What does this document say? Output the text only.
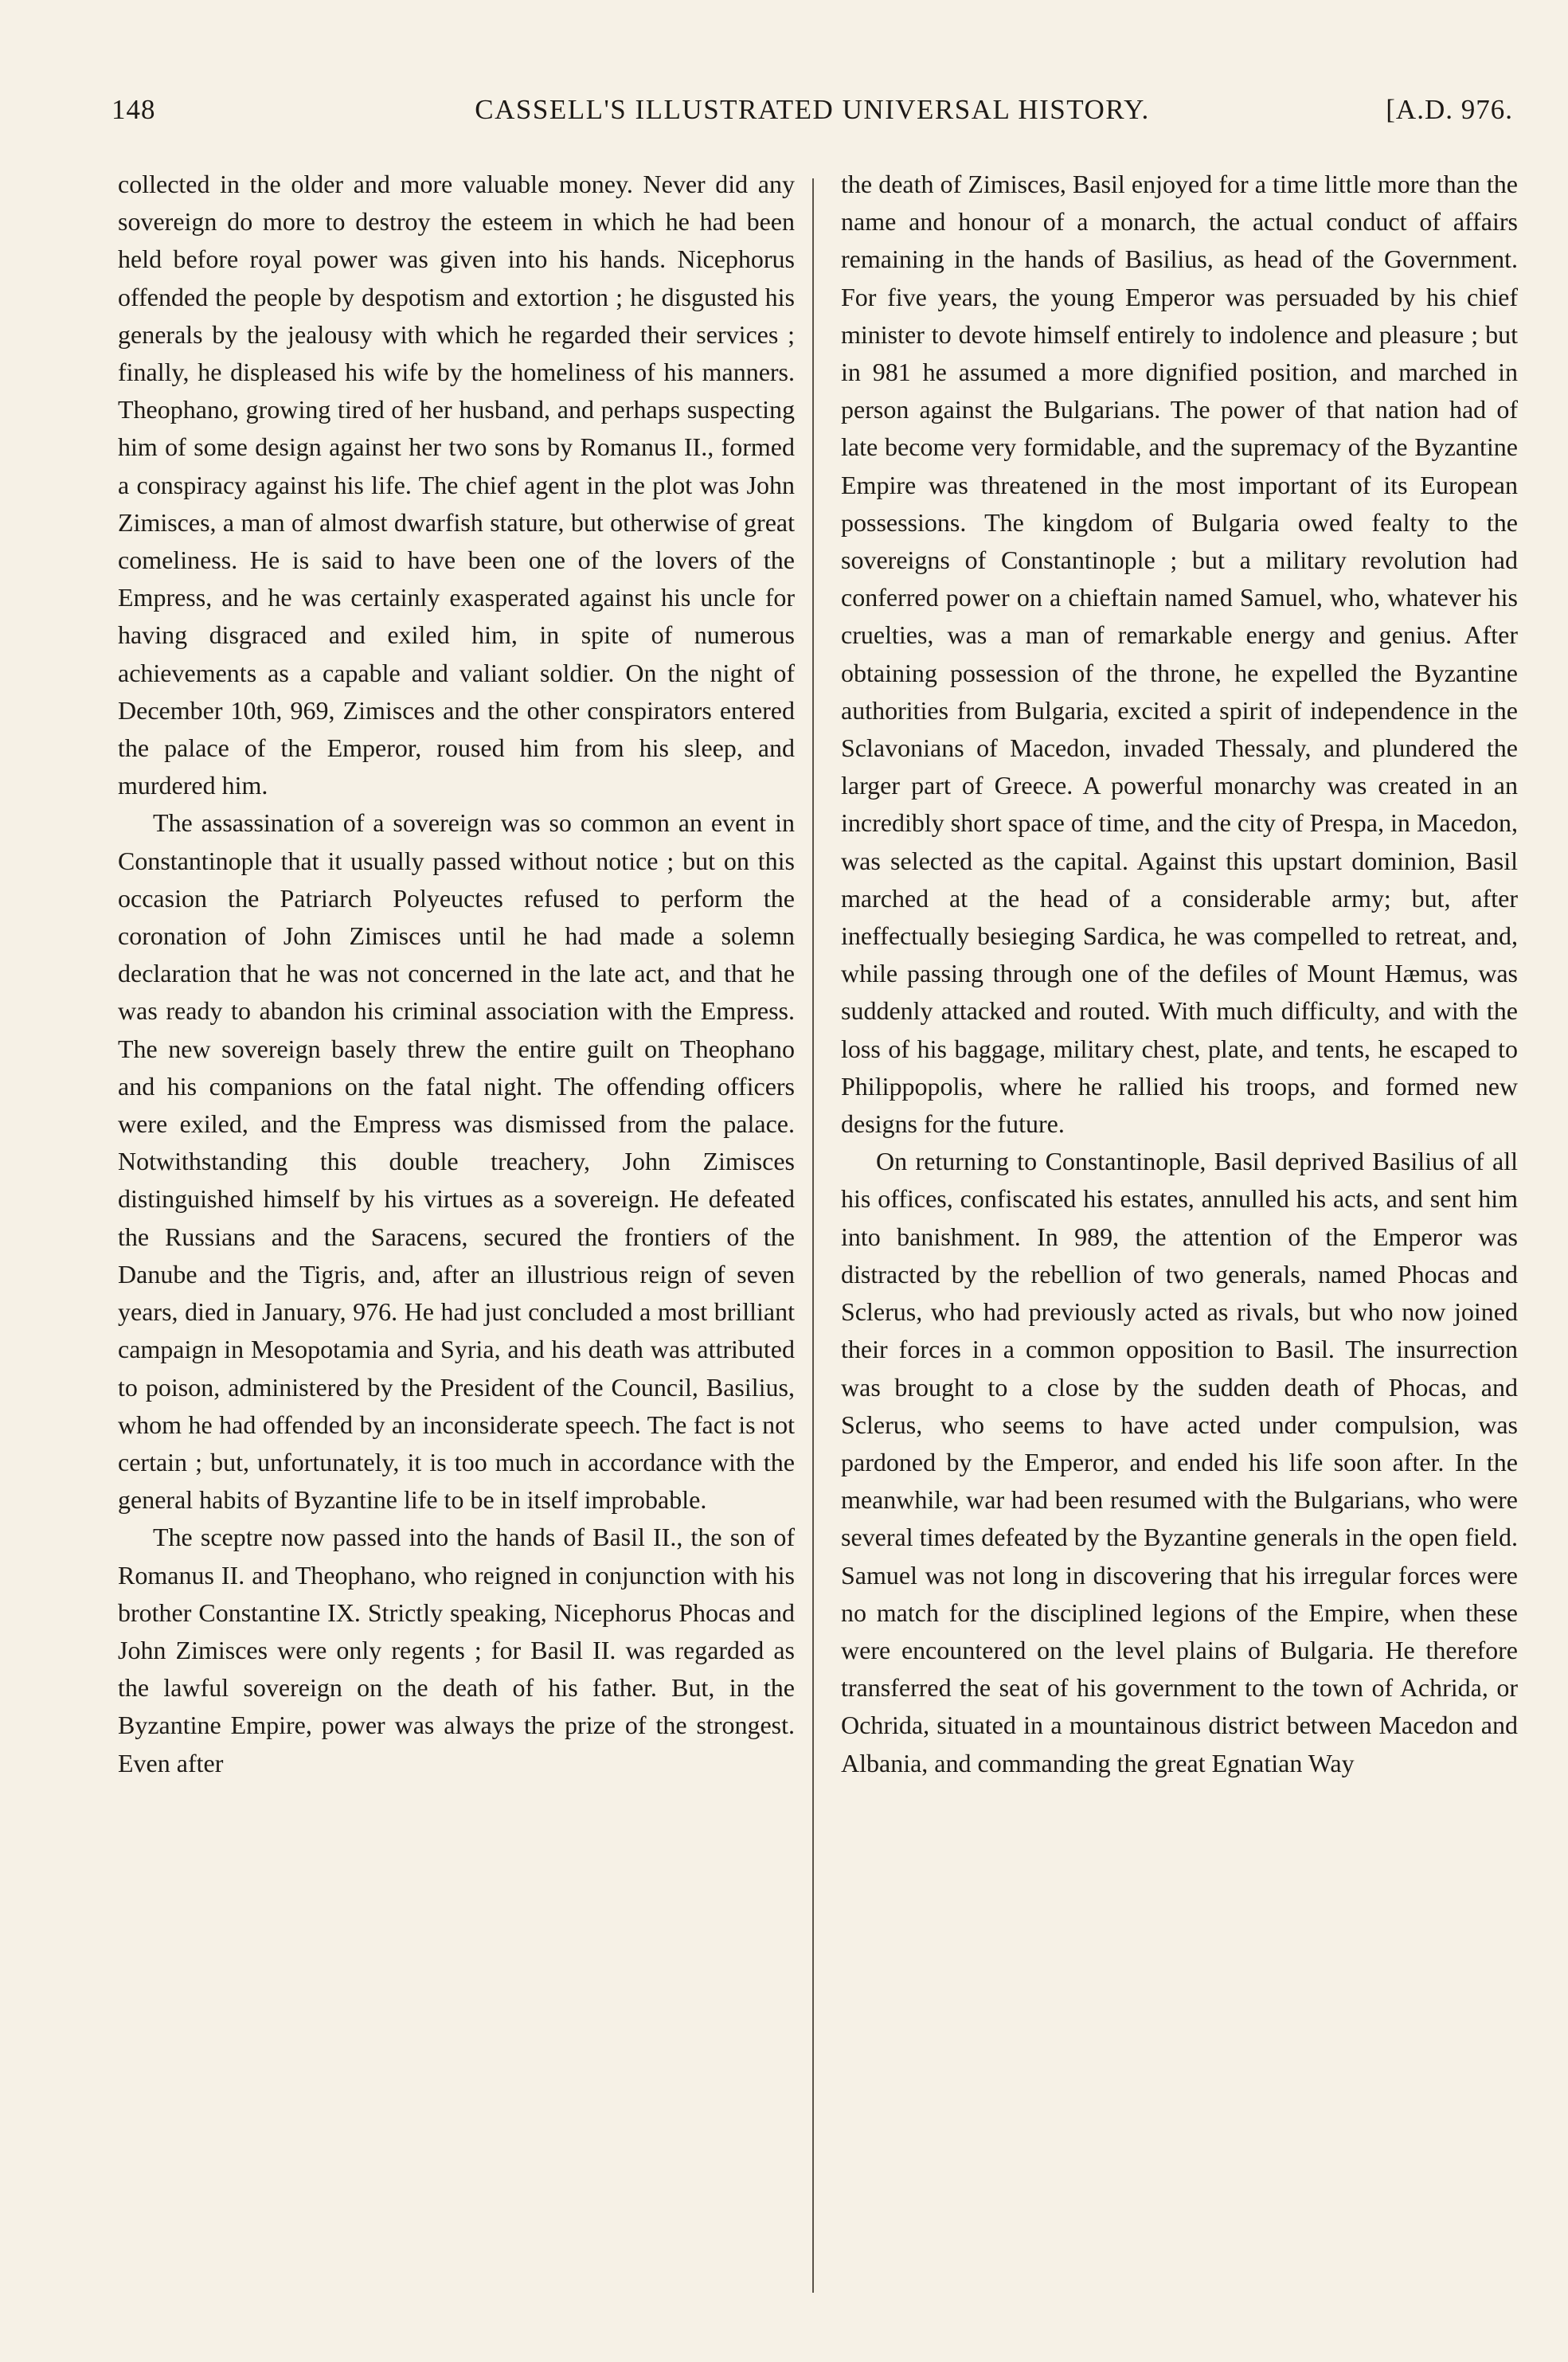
148	CASSELL'S ILLUSTRATED UNIVERSAL HISTORY.	[A.D. 976.

collected in the older and more valuable money. Never did any sovereign do more to destroy the esteem in which he had been held before royal power was given into his hands. Nicephorus offended the people by despotism and extortion ; he disgusted his generals by the jealousy with which he regarded their services ; finally, he displeased his wife by the homeliness of his manners. Theophano, growing tired of her husband, and perhaps suspecting him of some design against her two sons by Romanus II., formed a conspiracy against his life. The chief agent in the plot was John Zimisces, a man of almost dwarfish stature, but otherwise of great comeliness. He is said to have been one of the lovers of the Empress, and he was certainly exasperated against his uncle for having disgraced and exiled him, in spite of numerous achievements as a capable and valiant soldier. On the night of December 10th, 969, Zimisces and the other conspirators entered the palace of the Emperor, roused him from his sleep, and murdered him.

The assassination of a sovereign was so common an event in Constantinople that it usually passed without notice ; but on this occasion the Patriarch Polyeuctes refused to perform the coronation of John Zimisces until he had made a solemn declaration that he was not concerned in the late act, and that he was ready to abandon his criminal association with the Empress. The new sovereign basely threw the entire guilt on Theophano and his companions on the fatal night. The offending officers were exiled, and the Empress was dismissed from the palace. Notwithstanding this double treachery, John Zimisces distinguished himself by his virtues as a sovereign. He defeated the Russians and the Saracens, secured the frontiers of the Danube and the Tigris, and, after an illustrious reign of seven years, died in January, 976. He had just concluded a most brilliant campaign in Mesopotamia and Syria, and his death was attributed to poison, administered by the President of the Council, Basilius, whom he had offended by an inconsiderate speech. The fact is not certain ; but, unfortunately, it is too much in accordance with the general habits of Byzantine life to be in itself improbable.

The sceptre now passed into the hands of Basil II., the son of Romanus II. and Theophano, who reigned in conjunction with his brother Constantine IX. Strictly speaking, Nicephorus Phocas and John Zimisces were only regents ; for Basil II. was regarded as the lawful sovereign on the death of his father. But, in the Byzantine Empire, power was always the prize of the strongest. Even after

the death of Zimisces, Basil enjoyed for a time little more than the name and honour of a monarch, the actual conduct of affairs remaining in the hands of Basilius, as head of the Government. For five years, the young Emperor was persuaded by his chief minister to devote himself entirely to indolence and pleasure ; but in 981 he assumed a more dignified position, and marched in person against the Bulgarians. The power of that nation had of late become very formidable, and the supremacy of the Byzantine Empire was threatened in the most important of its European possessions. The kingdom of Bulgaria owed fealty to the sovereigns of Constantinople ; but a military revolution had conferred power on a chieftain named Samuel, who, whatever his cruelties, was a man of remarkable energy and genius. After obtaining possession of the throne, he expelled the Byzantine authorities from Bulgaria, excited a spirit of independence in the Sclavonians of Macedon, invaded Thessaly, and plundered the larger part of Greece. A powerful monarchy was created in an incredibly short space of time, and the city of Prespa, in Macedon, was selected as the capital. Against this upstart dominion, Basil marched at the head of a considerable army; but, after ineffectually besieging Sardica, he was compelled to retreat, and, while passing through one of the defiles of Mount Hæmus, was suddenly attacked and routed. With much difficulty, and with the loss of his baggage, military chest, plate, and tents, he escaped to Philippopolis, where he rallied his troops, and formed new designs for the future.

On returning to Constantinople, Basil deprived Basilius of all his offices, confiscated his estates, annulled his acts, and sent him into banishment. In 989, the attention of the Emperor was distracted by the rebellion of two generals, named Phocas and Sclerus, who had previously acted as rivals, but who now joined their forces in a common opposition to Basil. The insurrection was brought to a close by the sudden death of Phocas, and Sclerus, who seems to have acted under compulsion, was pardoned by the Emperor, and ended his life soon after. In the meanwhile, war had been resumed with the Bulgarians, who were several times defeated by the Byzantine generals in the open field. Samuel was not long in discovering that his irregular forces were no match for the disciplined legions of the Empire, when these were encountered on the level plains of Bulgaria. He therefore transferred the seat of his government to the town of Achrida, or Ochrida, situated in a mountainous district between Macedon and Albania, and commanding the great Egnatian Way
